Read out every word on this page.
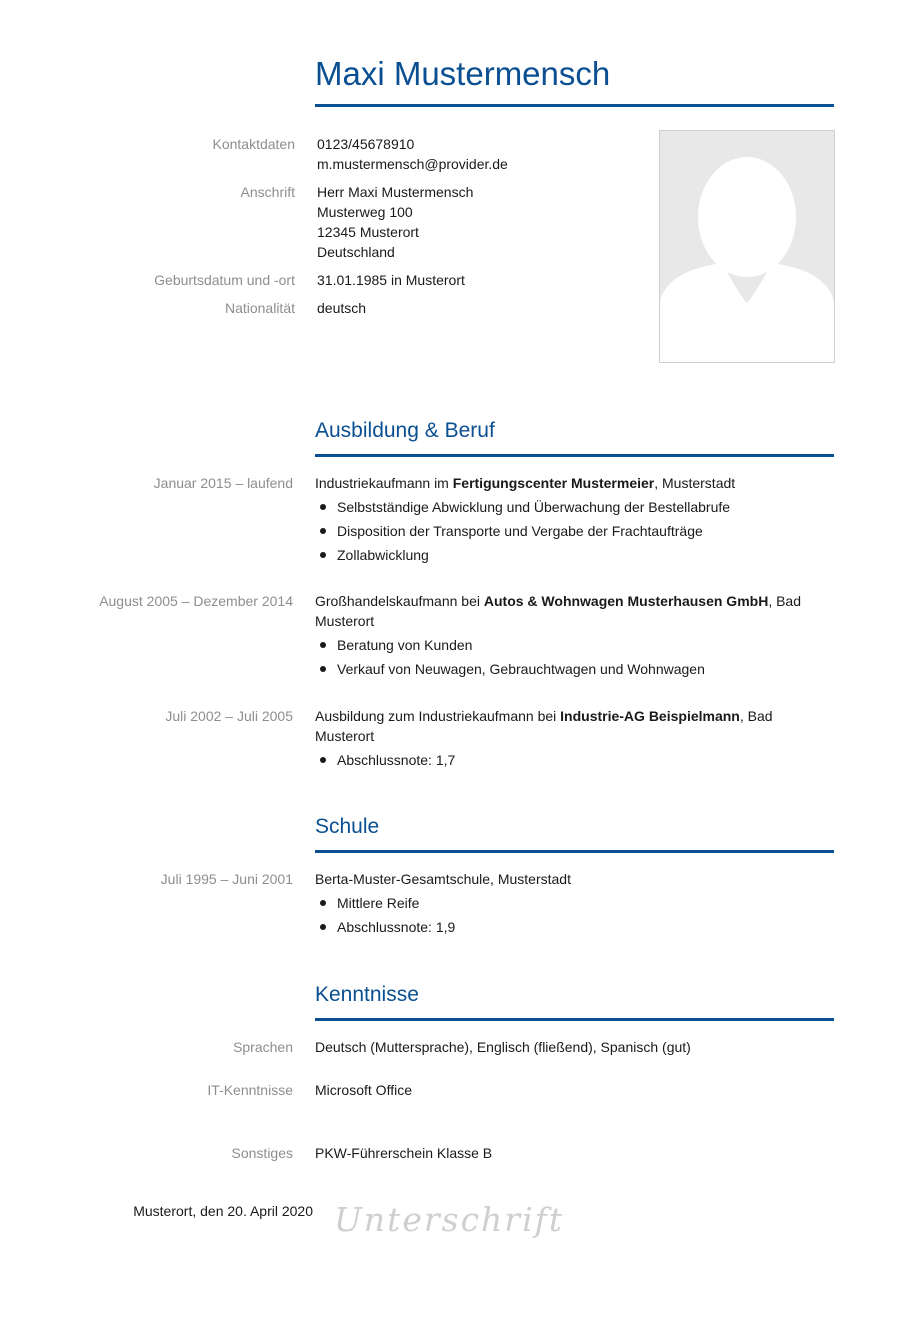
Maxi Mustermensch
Kontaktdaten 0123/45678910
m.mustermensch@provider.de
Anschrift Herr Maxi Mustermensch
Musterweg 100
12345 Musterort
Deutschland
Geburtsdatum und -ort 31.01.1985 in Musterort
Nationalität deutsch
Ausbildung & Beruf
Januar 2015 – laufend Industriekaufmann im Fertigungscenter Mustermeier, Musterstadt
Selbstständige Abwicklung und Überwachung der Bestellabrufe
Disposition der Transporte und Vergabe der Frachtaufträge
Zollabwicklung
August 2005 – Dezember 2014 Großhandelskaufmann bei Autos & Wohnwagen Musterhausen GmbH, Bad Musterort
Beratung von Kunden
Verkauf von Neuwagen, Gebrauchtwagen und Wohnwagen
Juli 2002 – Juli 2005 Ausbildung zum Industriekaufmann bei Industrie-AG Beispielmann, Bad Musterort
Abschlussnote: 1,7
Schule
Juli 1995 – Juni 2001 Berta-Muster-Gesamtschule, Musterstadt
Mittlere Reife
Abschlussnote: 1,9
Kenntnisse
Sprachen Deutsch (Muttersprache), Englisch (fließend), Spanisch (gut)
IT-Kenntnisse Microsoft Office
Sonstiges PKW-Führerschein Klasse B
Musterort, den 20. April 2020 Unterschrift
